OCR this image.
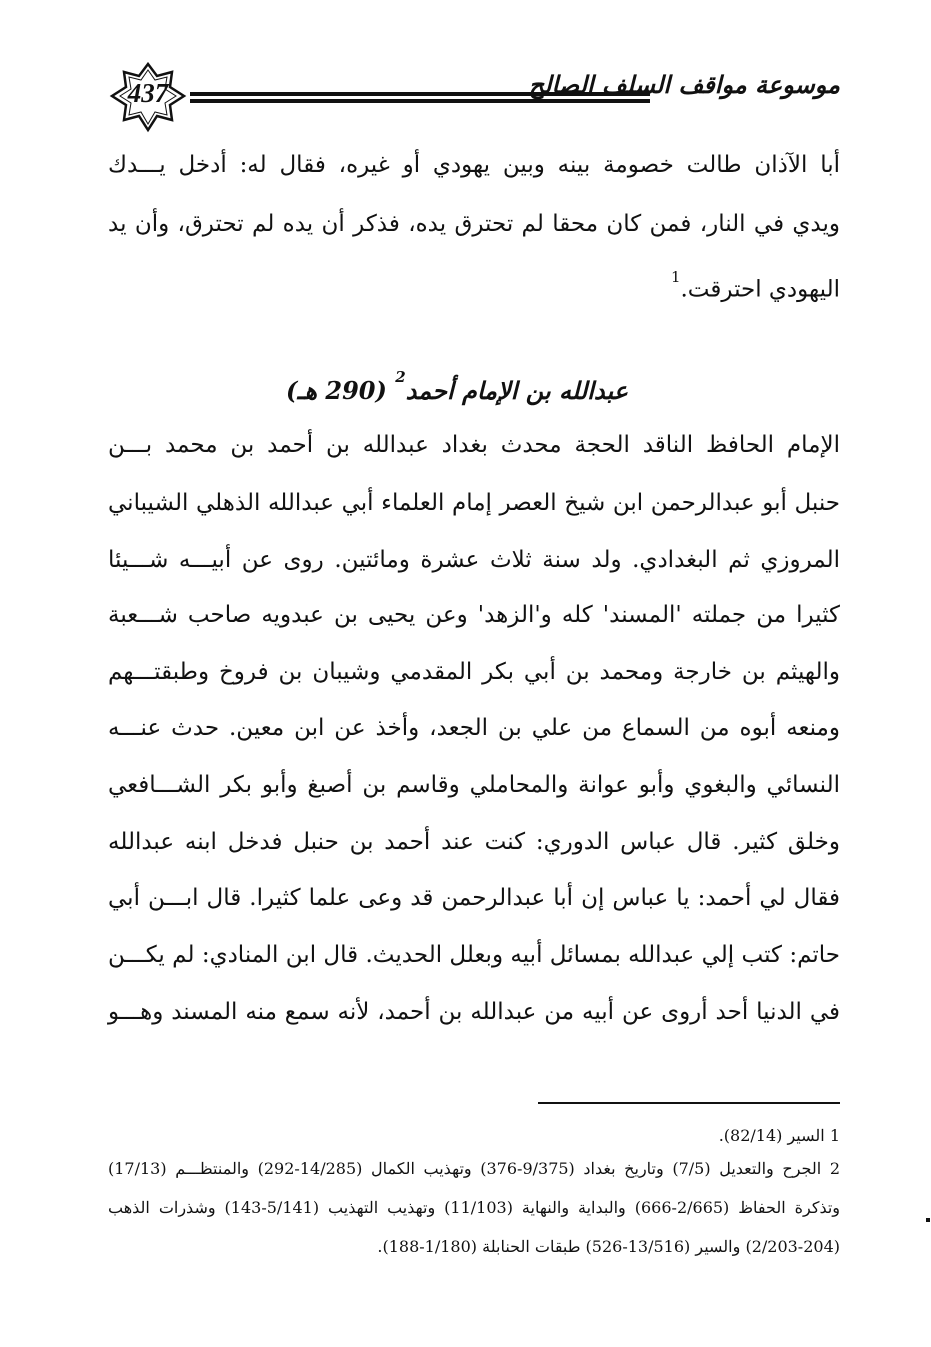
437	موسوعة مواقف السلف الصالح
أبا الآذان طالت خصومة بينه وبين يهودي أو غيره، فقال له: أدخل يـــدك
ويدي في النار، فمن كان محقا لم تحترق يده، فذكر أن يده لم تحترق، وأن يد
اليهودي احترقت.$^1$
عبدالله بن الإمام أحمد$^2$ (290 هـ)
الإمام الحافظ الناقد الحجة محدث بغداد عبدالله بن أحمد بن محمد بـــن
حنبل أبو عبدالرحمن ابن شيخ العصر إمام العلماء أبي عبدالله الذهلي الشيباني
المروزي ثم البغدادي. ولد سنة ثلاث عشرة ومائتين. روى عن أبيـــه شـــيئا
كثيرا من جملته 'المسند' كله و'الزهد' وعن يحيى بن عبدويه صاحب شـــعبة
والهيثم بن خارجة ومحمد بن أبي بكر المقدمي وشيبان بن فروخ وطبقتـــهم
ومنعه أبوه من السماع من علي بن الجعد، وأخذ عن ابن معين. حدث عنـــه
النسائي والبغوي وأبو عوانة والمحاملي وقاسم بن أصبغ وأبو بكر الشـــافعي
وخلق كثير. قال عباس الدوري: كنت عند أحمد بن حنبل فدخل ابنه عبدالله
فقال لي أحمد: يا عباس إن أبا عبدالرحمن قد وعى علما كثيرا. قال ابـــن أبي
حاتم: كتب إلي عبدالله بمسائل أبيه وبعلل الحديث. قال ابن المنادي: لم يكـــن
في الدنيا أحد أروى عن أبيه من عبدالله بن أحمد، لأنه سمع منه المسند وهـــو
1 السير (82/14).
2 الجرح والتعديل (7/5) وتاريخ بغداد (9/375-376) وتهذيب الكمال (14/285-292) والمنتظـــم (17/13)
وتذكرة الحفاظ (2/665-666) والبداية والنهاية (11/103) وتهذيب التهذيب (5/141-143) وشذرات الذهب
(2/203-204) والسير (13/516-526) طبقات الحنابلة (1/180-188).
